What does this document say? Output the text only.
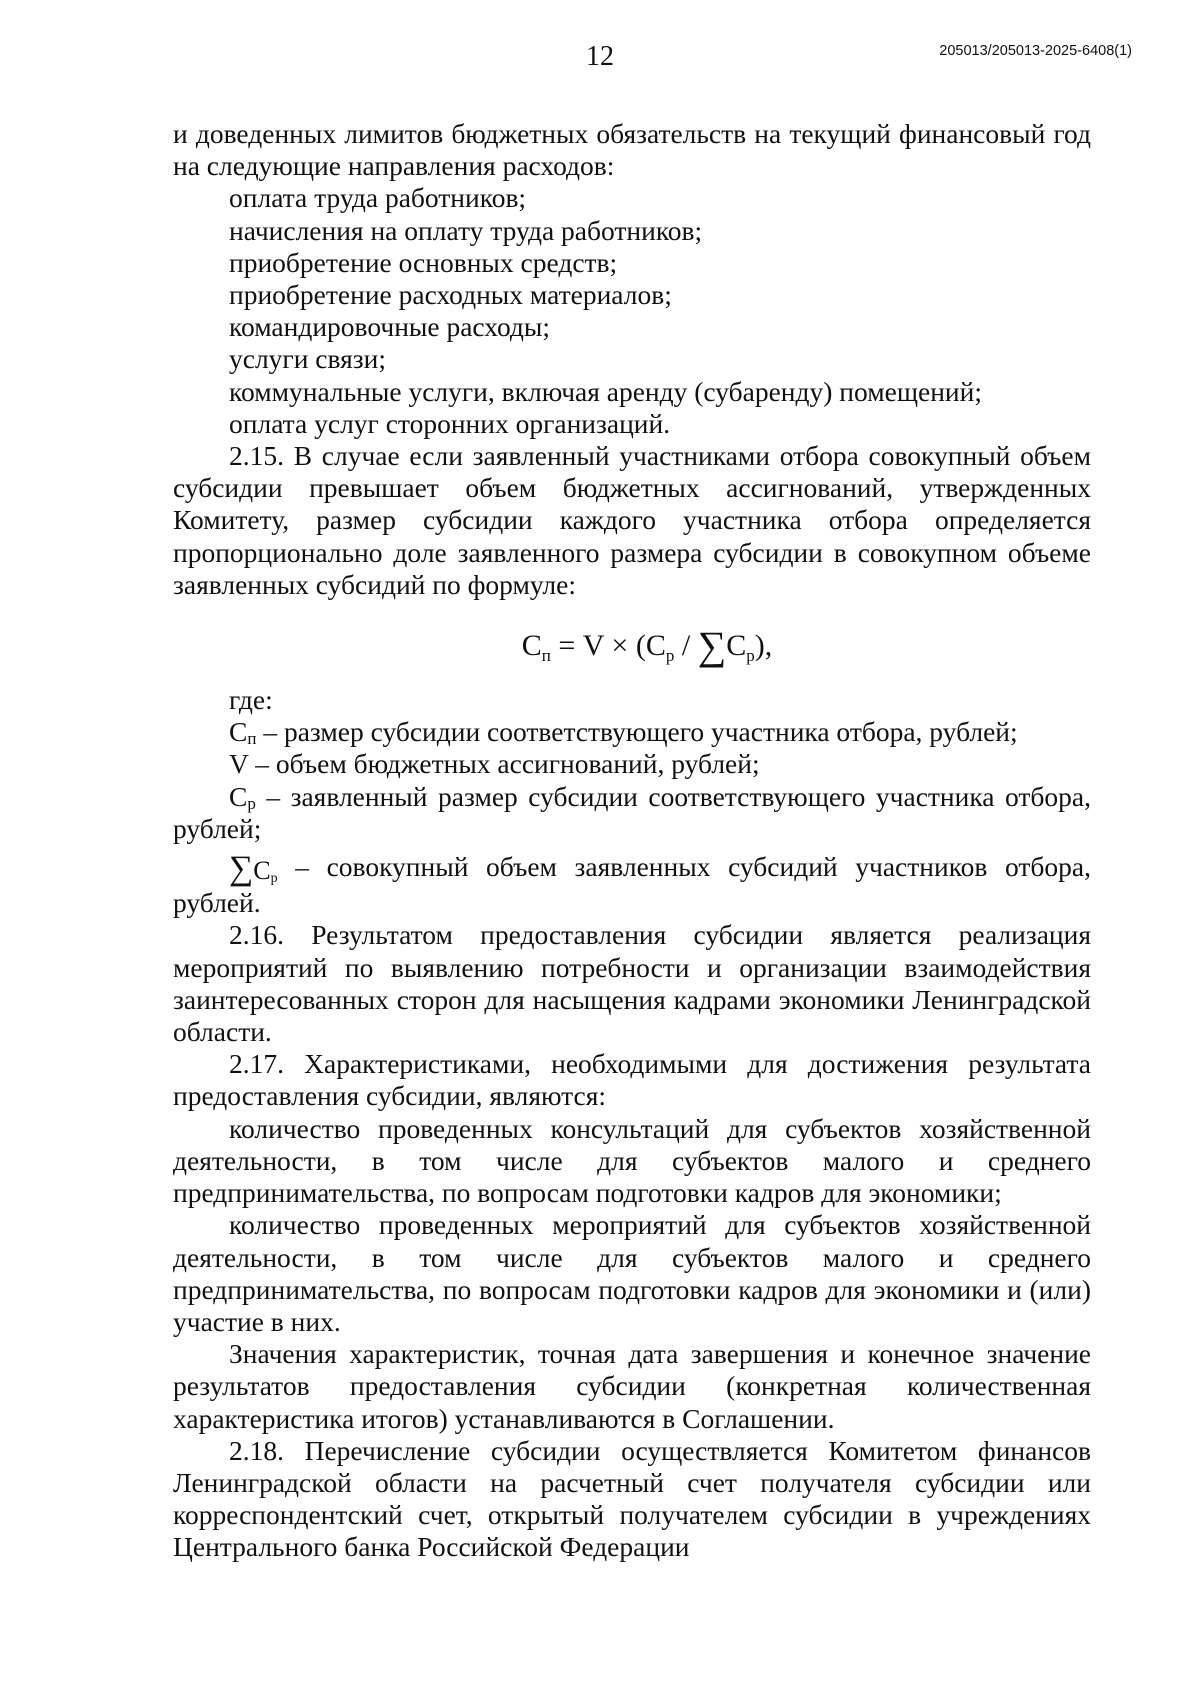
12	205013/205013-2025-6408(1)

и доведенных лимитов бюджетных обязательств на текущий финансовый год на следующие направления расходов:

оплата труда работников;

начисления на оплату труда работников;

приобретение основных средств;

приобретение расходных материалов;

командировочные расходы;

услуги связи;

коммунальные услуги, включая аренду (субаренду) помещений;

оплата услуг сторонних организаций.

2.15. В случае если заявленный участниками отбора совокупный объем субсидии превышает объем бюджетных ассигнований, утвержденных Комитету, размер субсидии каждого участника отбора определяется пропорционально доле заявленного размера субсидии в совокупном объеме заявленных субсидий по формуле:

$C_п = V \times (C_р / \sum C_р)$,

где:

$C_п$ – размер субсидии соответствующего участника отбора, рублей;

V – объем бюджетных ассигнований, рублей;

$C_р$ – заявленный размер субсидии соответствующего участника отбора, рублей;

$\sum C_р$ – совокупный объем заявленных субсидий участников отбора, рублей.

2.16. Результатом предоставления субсидии является реализация мероприятий по выявлению потребности и организации взаимодействия заинтересованных сторон для насыщения кадрами экономики Ленинградской области.

2.17. Характеристиками, необходимыми для достижения результата предоставления субсидии, являются:

количество проведенных консультаций для субъектов хозяйственной деятельности, в том числе для субъектов малого и среднего предпринимательства, по вопросам подготовки кадров для экономики;

количество проведенных мероприятий для субъектов хозяйственной деятельности, в том числе для субъектов малого и среднего предпринимательства, по вопросам подготовки кадров для экономики и (или) участие в них.

Значения характеристик, точная дата завершения и конечное значение результатов предоставления субсидии (конкретная количественная характеристика итогов) устанавливаются в Соглашении.

2.18. Перечисление субсидии осуществляется Комитетом финансов Ленинградской области на расчетный счет получателя субсидии или корреспондентский счет, открытый получателем субсидии в учреждениях Центрального банка Российской Федерации
